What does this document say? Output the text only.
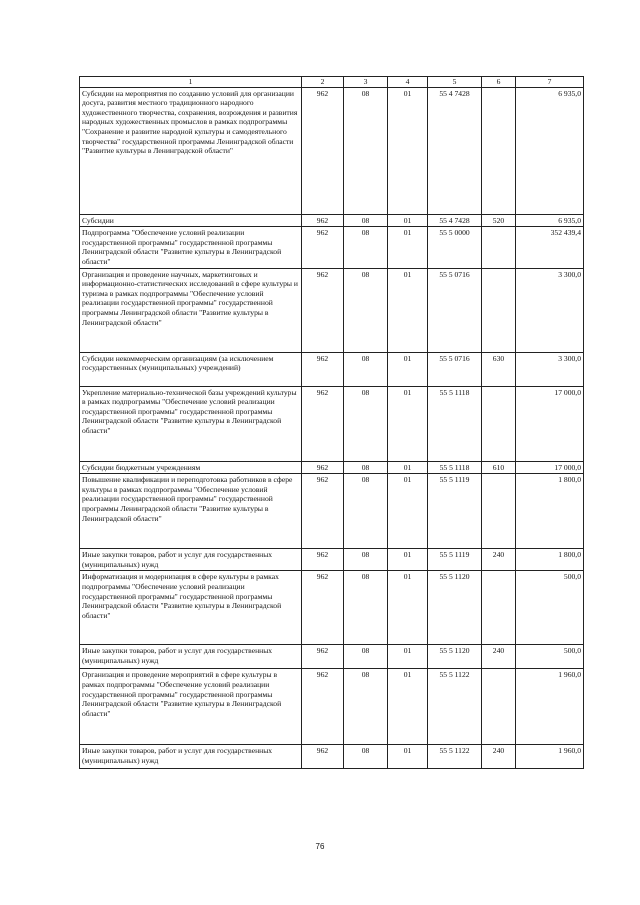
1	2	3	4	5	6	7
Субсидии на мероприятия по созданию условий для организации досуга, развития местного традиционного народного художественного творчества, сохранения, возрождения и развития народных художественных промыслов в рамках подпрограммы "Сохранение и развитие народной культуры и самодеятельного творчества" государственной программы Ленинградской области "Развитие культуры в Ленинградской области"	962	08	01	55 4 7428		6 935,0
Субсидии	962	08	01	55 4 7428	520	6 935,0
Подпрограмма "Обеспечение условий реализации государственной программы" государственной программы Ленинградской области "Развитие культуры в Ленинградской области"	962	08	01	55 5 0000		352 439,4
Организация и проведение научных, маркетинговых и информационно-статистических исследований в сфере культуры и туризма в рамках подпрограммы "Обеспечение условий реализации государственной программы" государственной программы Ленинградской области "Развитие культуры в Ленинградской области"	962	08	01	55 5 0716		3 300,0
Субсидии некоммерческим организациям (за исключением государственных (муниципальных) учреждений)	962	08	01	55 5 0716	630	3 300,0
Укрепление материально-технической базы учреждений культуры в рамках подпрограммы "Обеспечение условий реализации государственной программы" государственной программы Ленинградской области "Развитие культуры в Ленинградской области"	962	08	01	55 5 1118		17 000,0
Субсидии бюджетным учреждениям	962	08	01	55 5 1118	610	17 000,0
Повышение квалификации и переподготовка работников в сфере культуры в рамках подпрограммы "Обеспечение условий реализации государственной программы" государственной программы Ленинградской области "Развитие культуры в Ленинградской области"	962	08	01	55 5 1119		1 800,0
Иные закупки товаров, работ и услуг для государственных (муниципальных) нужд	962	08	01	55 5 1119	240	1 800,0
Информатизация и модернизация в сфере культуры в рамках подпрограммы "Обеспечение условий реализации государственной программы" государственной программы Ленинградской области "Развитие культуры в Ленинградской области"	962	08	01	55 5 1120		500,0
Иные закупки товаров, работ и услуг для государственных (муниципальных) нужд	962	08	01	55 5 1120	240	500,0
Организация и проведение мероприятий в сфере культуры в рамках подпрограммы "Обеспечение условий реализации государственной программы" государственной программы Ленинградской области "Развитие культуры в Ленинградской области"	962	08	01	55 5 1122		1 960,0
Иные закупки товаров, работ и услуг для государственных (муниципальных) нужд	962	08	01	55 5 1122	240	1 960,0
76
